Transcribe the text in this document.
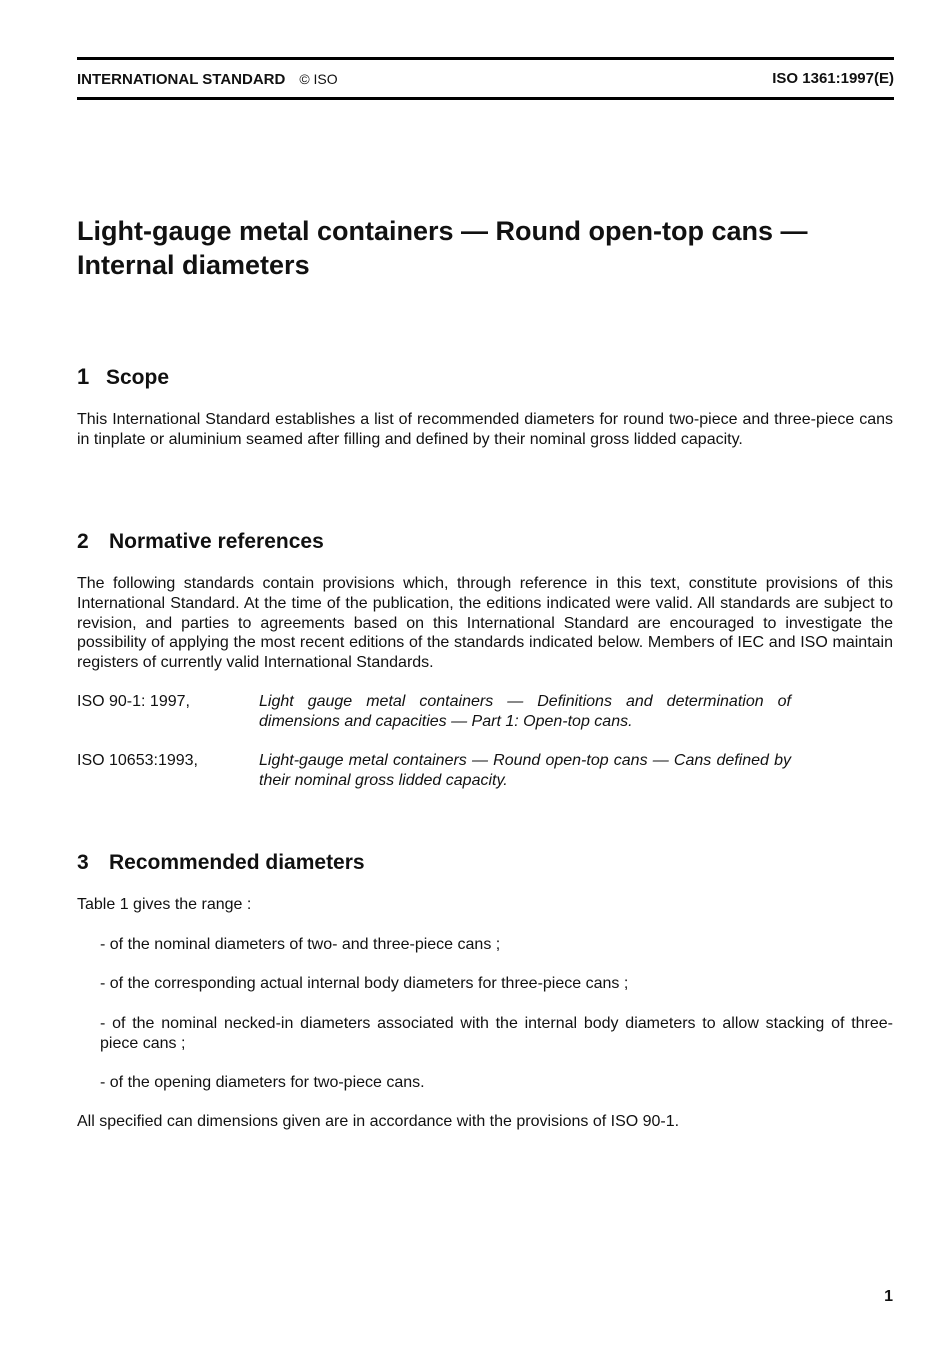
INTERNATIONAL STANDARD © ISO	ISO 1361:1997(E)
Light-gauge metal containers — Round open-top cans —
Internal diameters
1 Scope

This International Standard establishes a list of recommended diameters for round two-piece and three-piece cans in tinplate or aluminium seamed after filling and defined by their nominal gross lidded capacity.

2 Normative references

The following standards contain provisions which, through reference in this text, constitute provisions of this International Standard. At the time of the publication, the editions indicated were valid. All standards are subject to revision, and parties to agreements based on this International Standard are encouraged to investigate the possibility of applying the most recent editions of the standards indicated below. Members of IEC and ISO maintain registers of currently valid International Standards.

ISO 90-1: 1997,	Light gauge metal containers — Definitions and determination of dimensions and capacities — Part 1: Open-top cans.
ISO 10653:1993,	Light-gauge metal containers — Round open-top cans — Cans defined by their nominal gross lidded capacity.
3 Recommended diameters

Table 1 gives the range :

- of the nominal diameters of two- and three-piece cans ;

- of the corresponding actual internal body diameters for three-piece cans ;

- of the nominal necked-in diameters associated with the internal body diameters to allow stacking of three-piece cans ;

- of the opening diameters for two-piece cans.

All specified can dimensions given are in accordance with the provisions of ISO 90-1.

1
